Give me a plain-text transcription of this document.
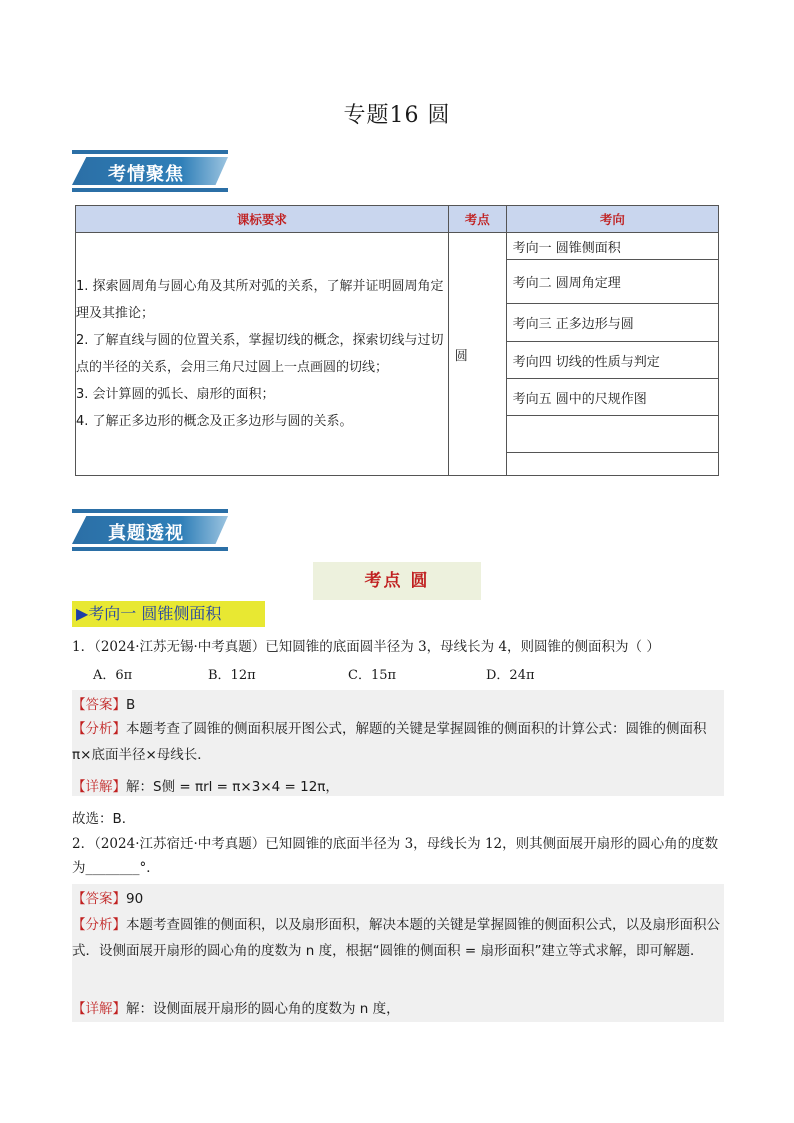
专题16 圆
考情聚焦
课标要求	考点	考向

1. 探索圆周角与圆心角及其所对弧的关系，了解并证明圆周角定理及其推论；
2. 了解直线与圆的位置关系，掌握切线的概念，探索切线与过切点的半径的关系，会用三角尺过圆上一点画圆的切线；
3. 会计算圆的弧长、扇形的面积；
4. 了解正多边形的概念及正多边形与圆的关系。	圆	考向一 圆锥侧面积
		考向二 圆周角定理
		考向三 正多边形与圆
		考向四 切线的性质与判定
		考向五 圆中的尺规作图

真题透视
考点 圆
▶考向一 圆锥侧面积
1．（2024·江苏无锡·中考真题）已知圆锥的底面圆半径为 3，母线长为 4，则圆锥的侧面积为（ ）
A．6π	B．12π	C．15π	D．24π
【答案】B
【分析】本题考查了圆锥的侧面积展开图公式，解题的关键是掌握圆锥的侧面积的计算公式：圆锥的侧面积 π×底面半径×母线长．
【详解】解：S侧 = πrl = π×3×4 = 12π，
故选：B．
2．（2024·江苏宿迁·中考真题）已知圆锥的底面半径为 3，母线长为 12，则其侧面展开扇形的圆心角的度数为________°．
【答案】90
【分析】本题考查圆锥的侧面积，以及扇形面积，解决本题的关键是掌握圆锥的侧面积公式，以及扇形面积公式．设侧面展开扇形的圆心角的度数为 n 度，根据“圆锥的侧面积 = 扇形面积”建立等式求解，即可解题．
【详解】解：设侧面展开扇形的圆心角的度数为 n 度，
